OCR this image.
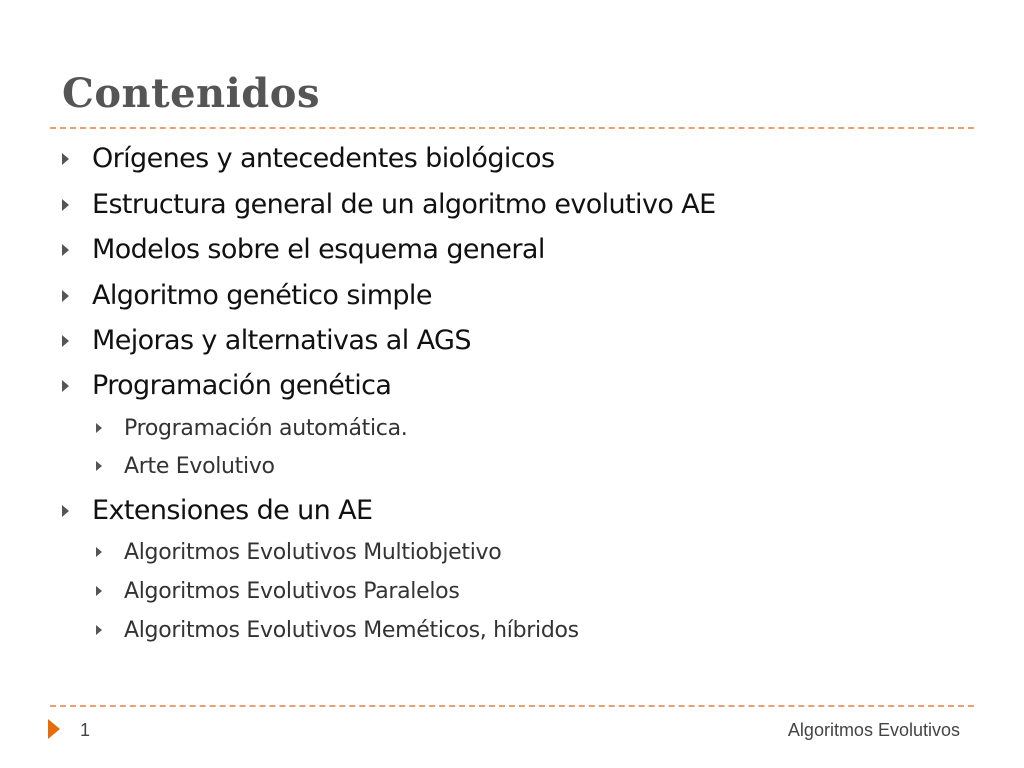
Contenidos
Orígenes y antecedentes biológicos
Estructura general de un algoritmo evolutivo AE
Modelos sobre el esquema general
Algoritmo genético simple
Mejoras y alternativas al AGS
Programación genética
Programación automática.
Arte Evolutivo
Extensiones de un AE
Algoritmos Evolutivos Multiobjetivo
Algoritmos Evolutivos Paralelos
Algoritmos Evolutivos Meméticos, híbridos
1	Algoritmos Evolutivos
